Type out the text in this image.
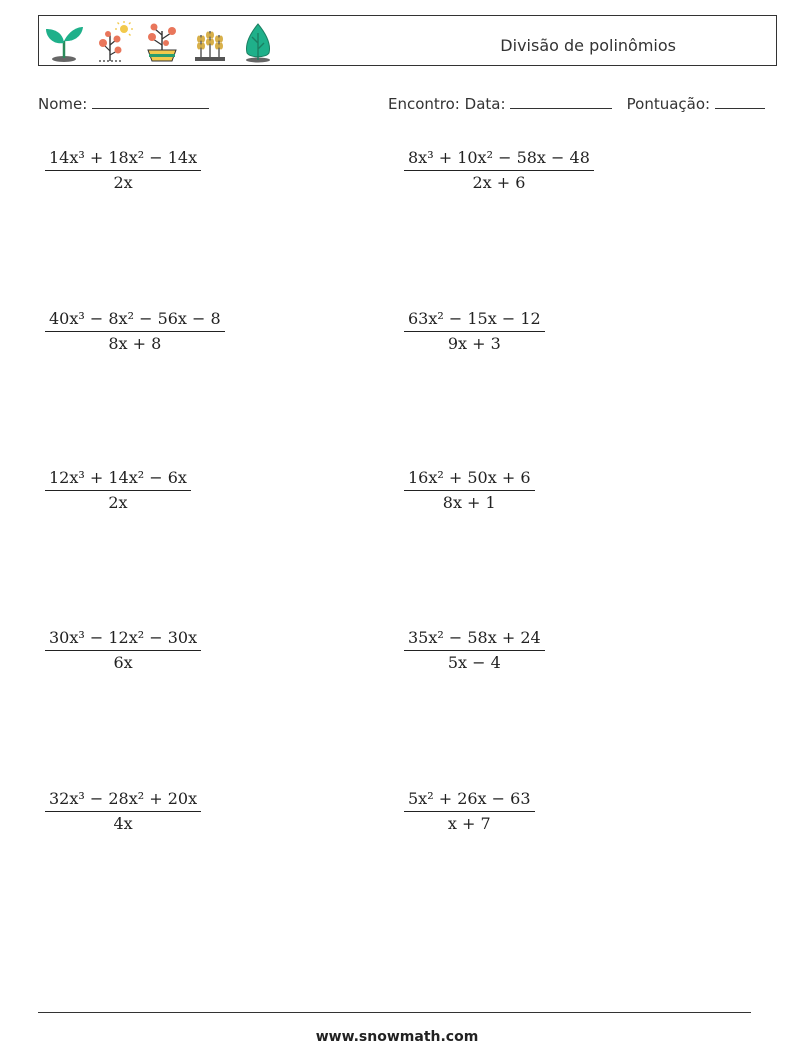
Divisão de polinômios
Nome:	Encontro: Data:	Pontuação:
$\frac{\text{14x³ + 18x² − 14x}}{2x}$	$\frac{\text{8x³ + 10x² − 58x − 48}}{2x + 6}$
$\frac{\text{40x³ − 8x² − 56x − 8}}{8x + 8}$	$\frac{\text{63x² − 15x − 12}}{9x + 3}$
$\frac{\text{12x³ + 14x² − 6x}}{2x}$	$\frac{\text{16x² + 50x + 6}}{8x + 1}$
$\frac{\text{30x³ − 12x² − 30x}}{6x}$	$\frac{\text{35x² − 58x + 24}}{5x - 4}$
$\frac{\text{32x³ − 28x² + 20x}}{4x}$	$\frac{\text{5x² + 26x − 63}}{x + 7}$
www.snowmath.com
